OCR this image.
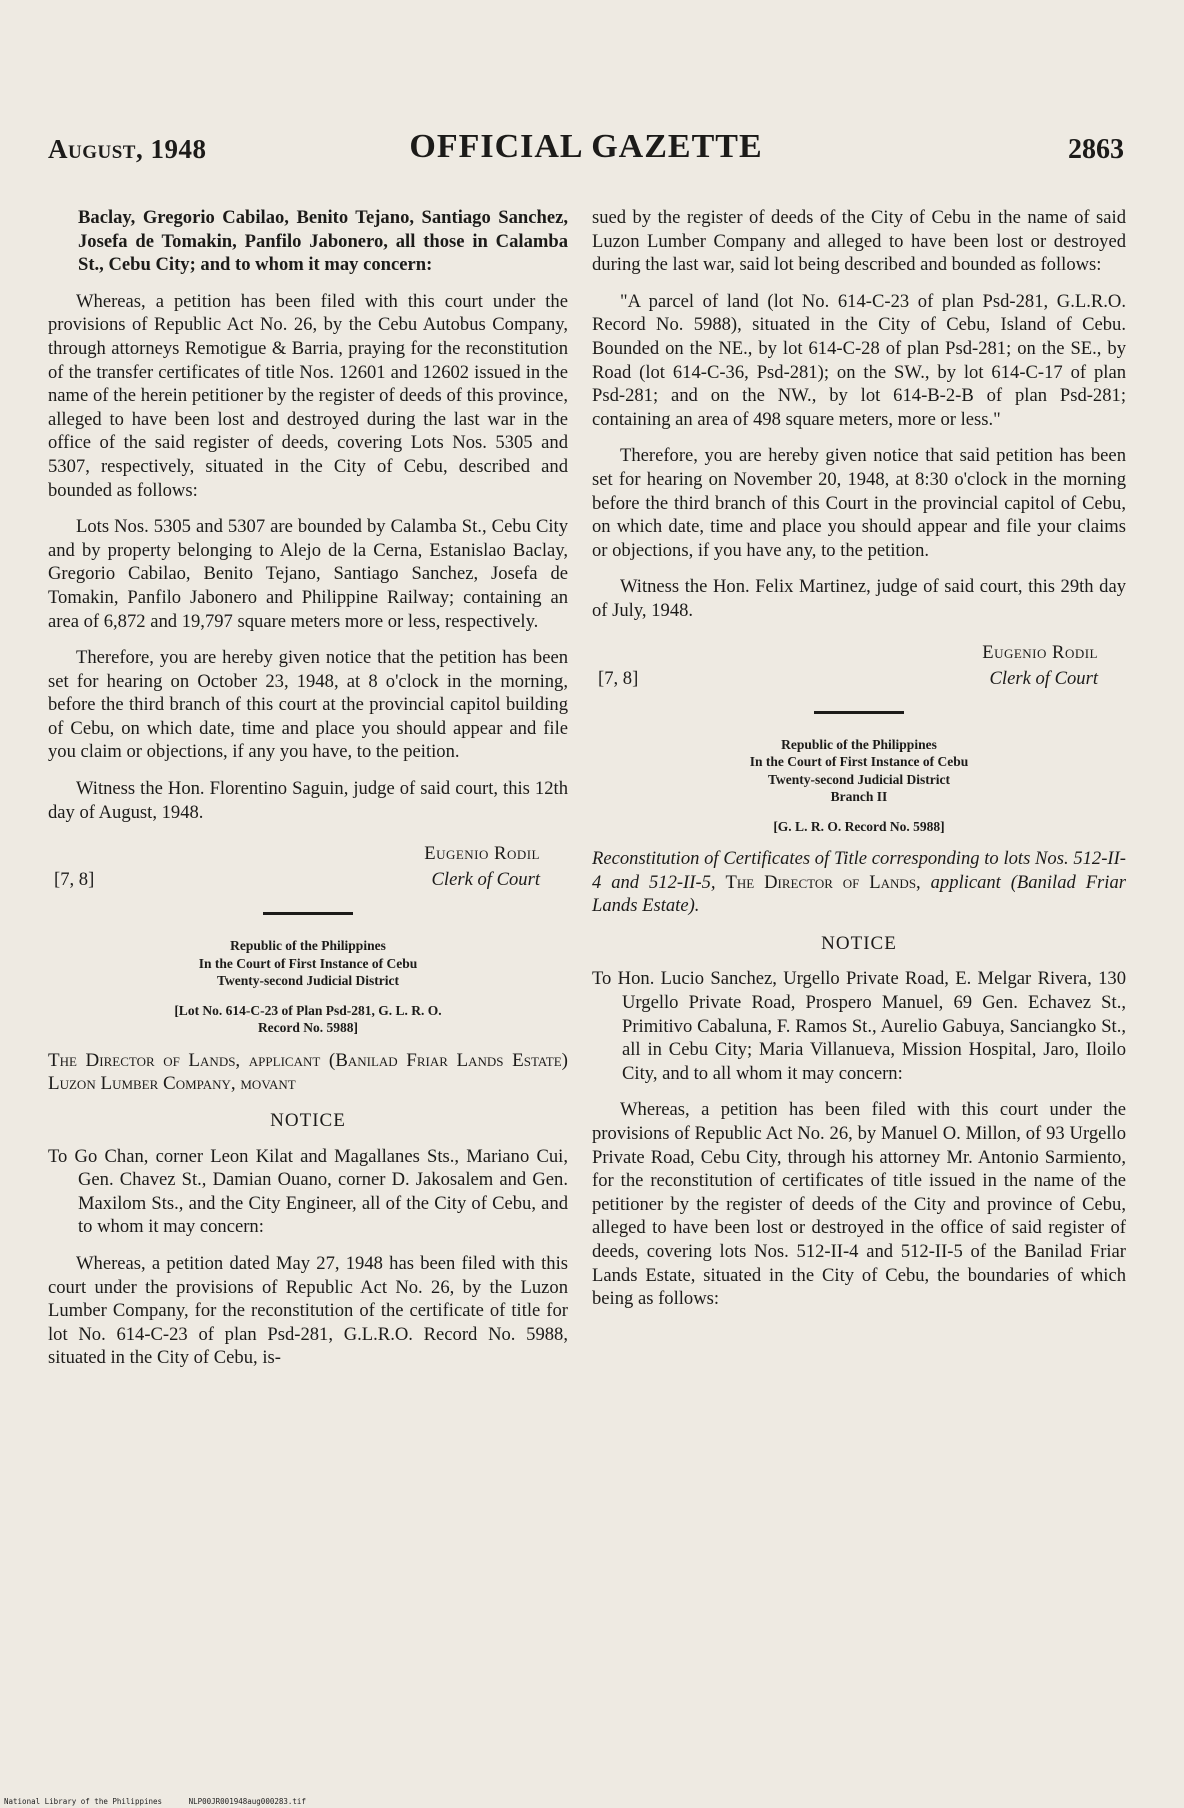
August, 1948	OFFICIAL GAZETTE	2863

Baclay, Gregorio Cabilao, Benito Tejano, Santiago Sanchez, Josefa de Tomakin, Panfilo Jabonero, all those in Calamba St., Cebu City; and to whom it may concern:

Whereas, a petition has been filed with this court under the provisions of Republic Act No. 26, by the Cebu Autobus Company, through attorneys Remotigue & Barria, praying for the reconstitution of the transfer certificates of title Nos. 12601 and 12602 issued in the name of the herein petitioner by the register of deeds of this province, alleged to have been lost and destroyed during the last war in the office of the said register of deeds, covering Lots Nos. 5305 and 5307, respectively, situated in the City of Cebu, described and bounded as follows:

Lots Nos. 5305 and 5307 are bounded by Calamba St., Cebu City and by property belonging to Alejo de la Cerna, Estanislao Baclay, Gregorio Cabilao, Benito Tejano, Santiago Sanchez, Josefa de Tomakin, Panfilo Jabonero and Philippine Railway; containing an area of 6,872 and 19,797 square meters more or less, respectively.

Therefore, you are hereby given notice that the petition has been set for hearing on October 23, 1948, at 8 o'clock in the morning, before the third branch of this court at the provincial capitol building of Cebu, on which date, time and place you should appear and file you claim or objections, if any you have, to the peition.

Witness the Hon. Florentino Saguin, judge of said court, this 12th day of August, 1948.

Eugenio Rodil
[7, 8]	Clerk of Court
Republic of the Philippines
In the Court of First Instance of Cebu
Twenty-second Judicial District
[Lot No. 614-C-23 of Plan Psd-281, G. L. R. O.
Record No. 5988]

The Director of Lands, applicant (Banilad Friar Lands Estate) Luzon Lumber Company, movant

NOTICE

To Go Chan, corner Leon Kilat and Magallanes Sts., Mariano Cui, Gen. Chavez St., Damian Ouano, corner D. Jakosalem and Gen. Maxilom Sts., and the City Engineer, all of the City of Cebu, and to whom it may concern:

Whereas, a petition dated May 27, 1948 has been filed with this court under the provisions of Republic Act No. 26, by the Luzon Lumber Company, for the reconstitution of the certificate of title for lot No. 614-C-23 of plan Psd-281, G.L.R.O. Record No. 5988, situated in the City of Cebu, is-

sued by the register of deeds of the City of Cebu in the name of said Luzon Lumber Company and alleged to have been lost or destroyed during the last war, said lot being described and bounded as follows:

"A parcel of land (lot No. 614-C-23 of plan Psd-281, G.L.R.O. Record No. 5988), situated in the City of Cebu, Island of Cebu. Bounded on the NE., by lot 614-C-28 of plan Psd-281; on the SE., by Road (lot 614-C-36, Psd-281); on the SW., by lot 614-C-17 of plan Psd-281; and on the NW., by lot 614-B-2-B of plan Psd-281; containing an area of 498 square meters, more or less."

Therefore, you are hereby given notice that said petition has been set for hearing on November 20, 1948, at 8:30 o'clock in the morning before the third branch of this Court in the provincial capitol of Cebu, on which date, time and place you should appear and file your claims or objections, if you have any, to the petition.

Witness the Hon. Felix Martinez, judge of said court, this 29th day of July, 1948.

Eugenio Rodil
[7, 8]	Clerk of Court
Republic of the Philippines
In the Court of First Instance of Cebu
Twenty-second Judicial District
Branch II
[G. L. R. O. Record No. 5988]

Reconstitution of Certificates of Title corresponding to lots Nos. 512-II-4 and 512-II-5, The Director of Lands, applicant (Banilad Friar Lands Estate).

NOTICE

To Hon. Lucio Sanchez, Urgello Private Road, E. Melgar Rivera, 130 Urgello Private Road, Prospero Manuel, 69 Gen. Echavez St., Primitivo Cabaluna, F. Ramos St., Aurelio Gabuya, Sanciangko St., all in Cebu City; Maria Villanueva, Mission Hospital, Jaro, Iloilo City, and to all whom it may concern:

Whereas, a petition has been filed with this court under the provisions of Republic Act No. 26, by Manuel O. Millon, of 93 Urgello Private Road, Cebu City, through his attorney Mr. Antonio Sarmiento, for the reconstitution of certificates of title issued in the name of the petitioner by the register of deeds of the City and province of Cebu, alleged to have been lost or destroyed in the office of said register of deeds, covering lots Nos. 512-II-4 and 512-II-5 of the Banilad Friar Lands Estate, situated in the City of Cebu, the boundaries of which being as follows:

National Library of the Philippines	NLP00JR001948aug000283.tif
